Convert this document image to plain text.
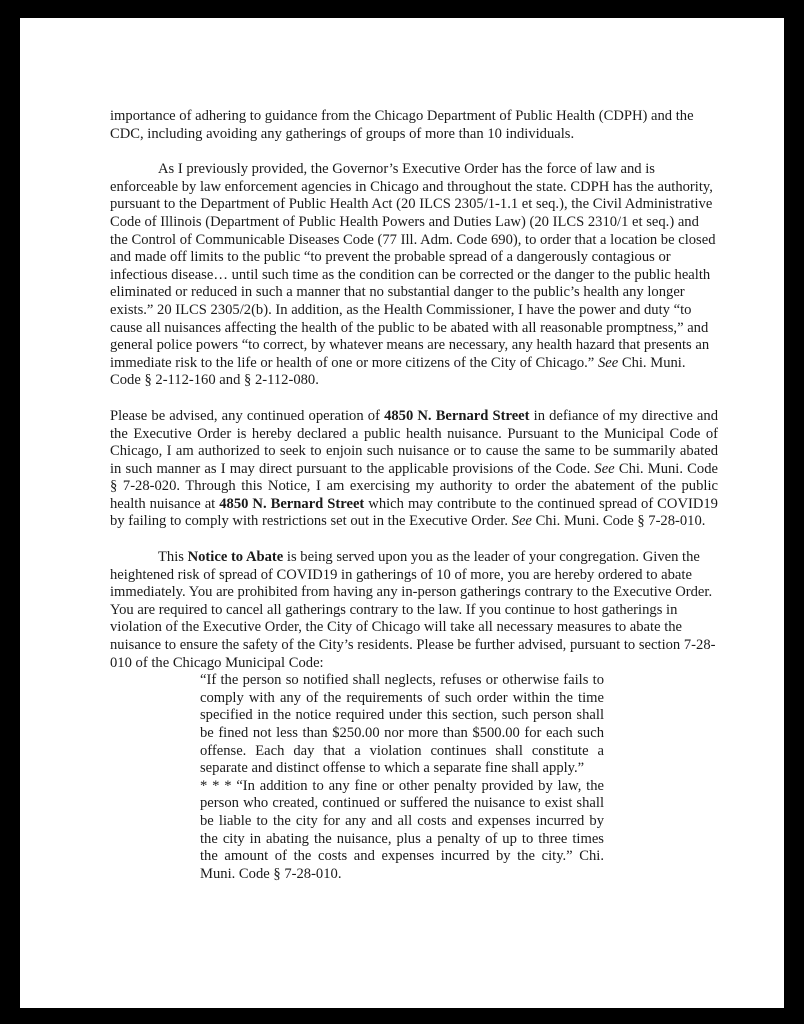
importance of adhering to guidance from the Chicago Department of Public Health (CDPH) and the CDC, including avoiding any gatherings of groups of more than 10 individuals.

As I previously provided, the Governor’s Executive Order has the force of law and is enforceable by law enforcement agencies in Chicago and throughout the state. CDPH has the authority, pursuant to the Department of Public Health Act (20 ILCS 2305/1-1.1 et seq.), the Civil Administrative Code of Illinois (Department of Public Health Powers and Duties Law) (20 ILCS 2310/1 et seq.) and the Control of Communicable Diseases Code (77 Ill. Adm. Code 690), to order that a location be closed and made off limits to the public “to prevent the probable spread of a dangerously contagious or infectious disease… until such time as the condition can be corrected or the danger to the public health eliminated or reduced in such a manner that no substantial danger to the public’s health any longer exists.” 20 ILCS 2305/2(b). In addition, as the Health Commissioner, I have the power and duty “to cause all nuisances affecting the health of the public to be abated with all reasonable promptness,” and general police powers “to correct, by whatever means are necessary, any health hazard that presents an immediate risk to the life or health of one or more citizens of the City of Chicago.” See Chi. Muni. Code § 2-112-160 and § 2-112-080.

Please be advised, any continued operation of 4850 N. Bernard Street in defiance of my directive and the Executive Order is hereby declared a public health nuisance. Pursuant to the Municipal Code of Chicago, I am authorized to seek to enjoin such nuisance or to cause the same to be summarily abated in such manner as I may direct pursuant to the applicable provisions of the Code. See Chi. Muni. Code § 7-28-020. Through this Notice, I am exercising my authority to order the abatement of the public health nuisance at 4850 N. Bernard Street which may contribute to the continued spread of COVID19 by failing to comply with restrictions set out in the Executive Order. See Chi. Muni. Code § 7-28-010.

This Notice to Abate is being served upon you as the leader of your congregation. Given the heightened risk of spread of COVID19 in gatherings of 10 of more, you are hereby ordered to abate immediately. You are prohibited from having any in-person gatherings contrary to the Executive Order. You are required to cancel all gatherings contrary to the law. If you continue to host gatherings in violation of the Executive Order, the City of Chicago will take all necessary measures to abate the nuisance to ensure the safety of the City’s residents. Please be further advised, pursuant to section 7-28-010 of the Chicago Municipal Code:

“If the person so notified shall neglects, refuses or otherwise fails to comply with any of the requirements of such order within the time specified in the notice required under this section, such person shall be fined not less than $250.00 nor more than $500.00 for each such offense. Each day that a violation continues shall constitute a separate and distinct offense to which a separate fine shall apply.”

* * * “In addition to any fine or other penalty provided by law, the person who created, continued or suffered the nuisance to exist shall be liable to the city for any and all costs and expenses incurred by the city in abating the nuisance, plus a penalty of up to three times the amount of the costs and expenses incurred by the city.” Chi. Muni. Code § 7-28-010.
